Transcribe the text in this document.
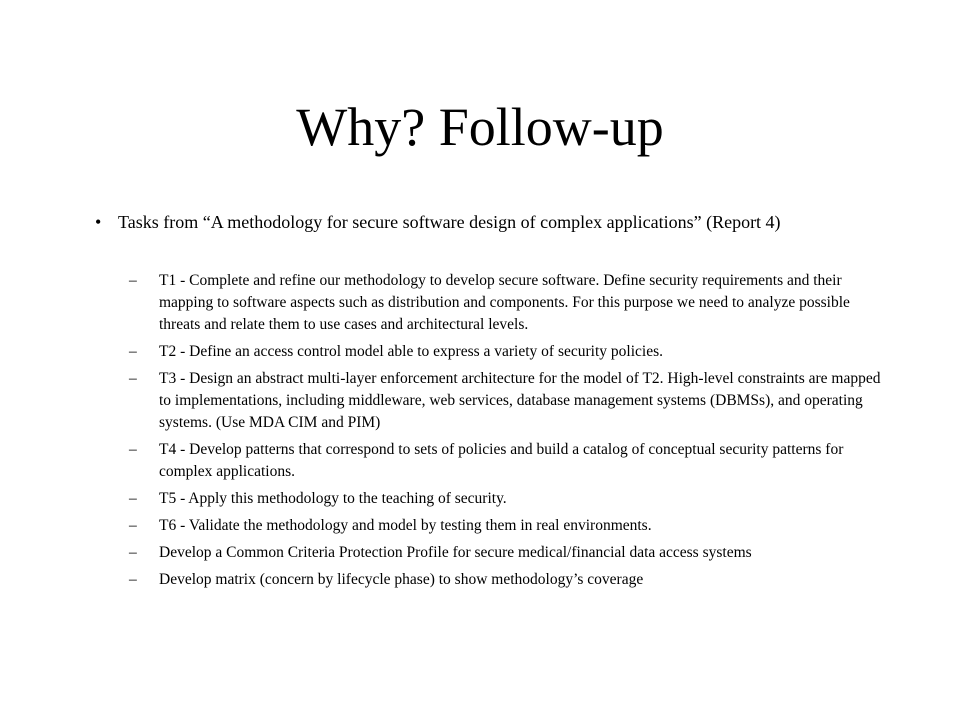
Why? Follow-up
• Tasks from “A methodology for secure software design of complex applications” (Report 4)
– T1 - Complete and refine our methodology to develop secure software. Define security requirements and their mapping to software aspects such as distribution and components. For this purpose we need to analyze possible threats and relate them to use cases and architectural levels.
– T2 - Define an access control model able to express a variety of security policies.
– T3 - Design an abstract multi-layer enforcement architecture for the model of T2. High-level constraints are mapped to implementations, including middleware, web services, database management systems (DBMSs), and operating systems. (Use MDA CIM and PIM)
– T4 - Develop patterns that correspond to sets of policies and build a catalog of conceptual security patterns for complex applications.
– T5 - Apply this methodology to the teaching of security.
– T6 - Validate the methodology and model by testing them in real environments.
– Develop a Common Criteria Protection Profile for secure medical/financial data access systems
– Develop matrix (concern by lifecycle phase) to show methodology’s coverage
